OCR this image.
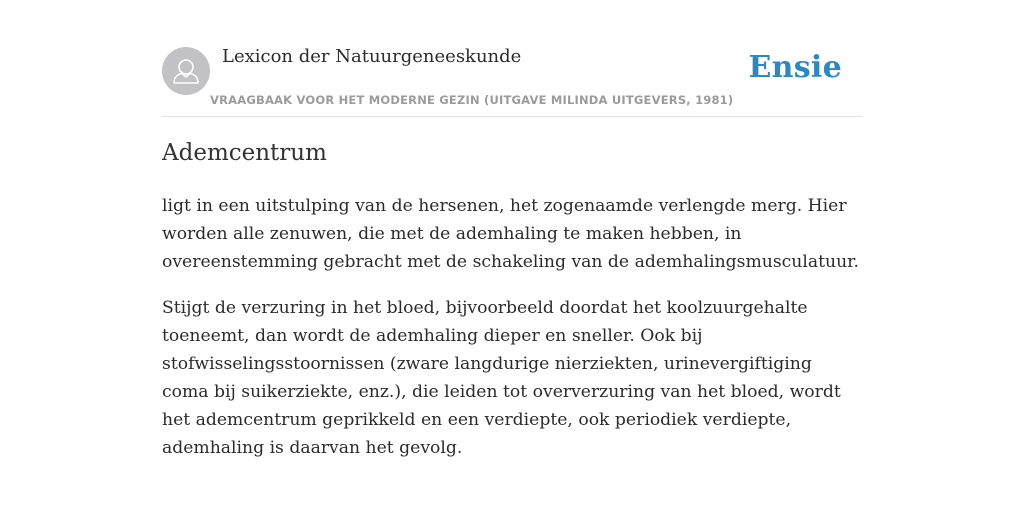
Lexicon der Natuurgeneeskunde
VRAAGBAAK VOOR HET MODERNE GEZIN (UITGAVE MILINDA UITGEVERS, 1981)
Ensie
Ademcentrum

ligt in een uitstulping van de hersenen, het zogenaamde verlengde merg. Hier worden alle zenuwen, die met de ademhaling te maken hebben, in overeenstemming gebracht met de schakeling van de ademhalingsmusculatuur.

Stijgt de verzuring in het bloed, bijvoorbeeld doordat het koolzuurgehalte toeneemt, dan wordt de ademhaling dieper en sneller. Ook bij stofwisselingsstoornissen (zware langdurige nierziekten, urinevergiftiging coma bij suikerziekte, enz.), die leiden tot oververzuring van het bloed, wordt het ademcentrum geprikkeld en een verdiepte, ook periodiek verdiepte, ademhaling is daarvan het gevolg.
